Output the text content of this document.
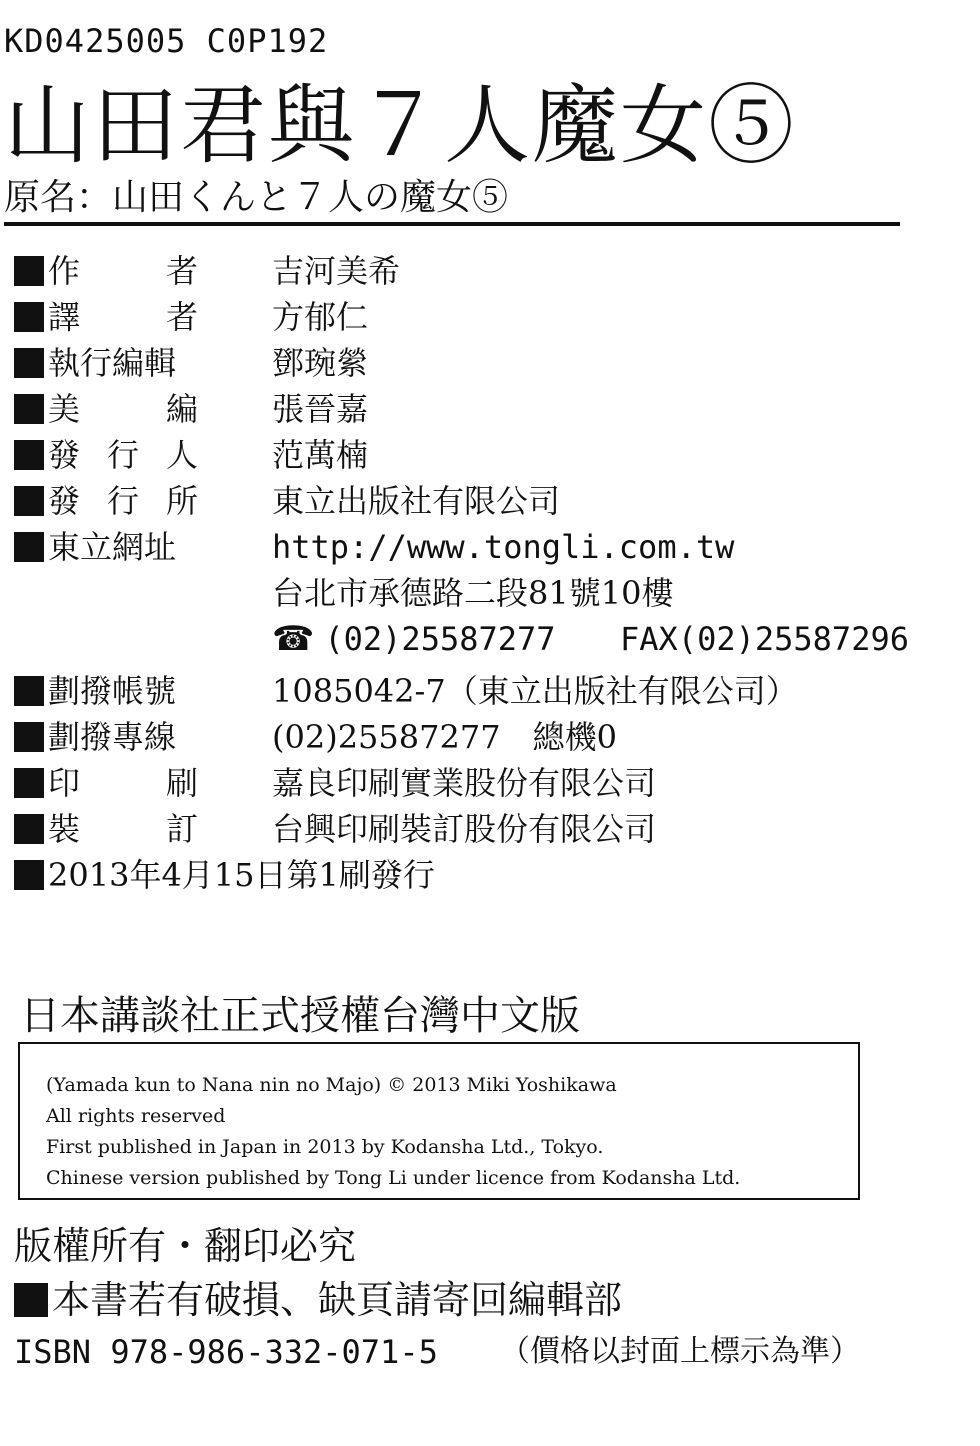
KD0425005 C0P192
山田君與７人魔女⑤
原名：山田くんと７人の魔女⑤
作	者 吉河美希
譯	者 方郁仁
執行編輯	鄧琬縈
美	編 張晉嘉
發 行 人 范萬楠
發 行 所 東立出版社有限公司
東立網址	http://www.tongli.com.tw
台北市承德路二段81號10樓
☎ (02)25587277 FAX(02)25587296
劃撥帳號	1085042-7（東立出版社有限公司）
劃撥專線	(02)25587277　總機0
印	刷 嘉良印刷實業股份有限公司
裝	訂 台興印刷裝訂股份有限公司
2013年4月15日第1刷發行
日本講談社正式授權台灣中文版
(Yamada kun to Nana nin no Majo) © 2013 Miki Yoshikawa
All rights reserved
First published in Japan in 2013 by Kodansha Ltd., Tokyo.
Chinese version published by Tong Li under licence from Kodansha Ltd.
版權所有・翻印必究
本書若有破損、缺頁請寄回編輯部
ISBN 978-986-332-071-5 （價格以封面上標示為準）
